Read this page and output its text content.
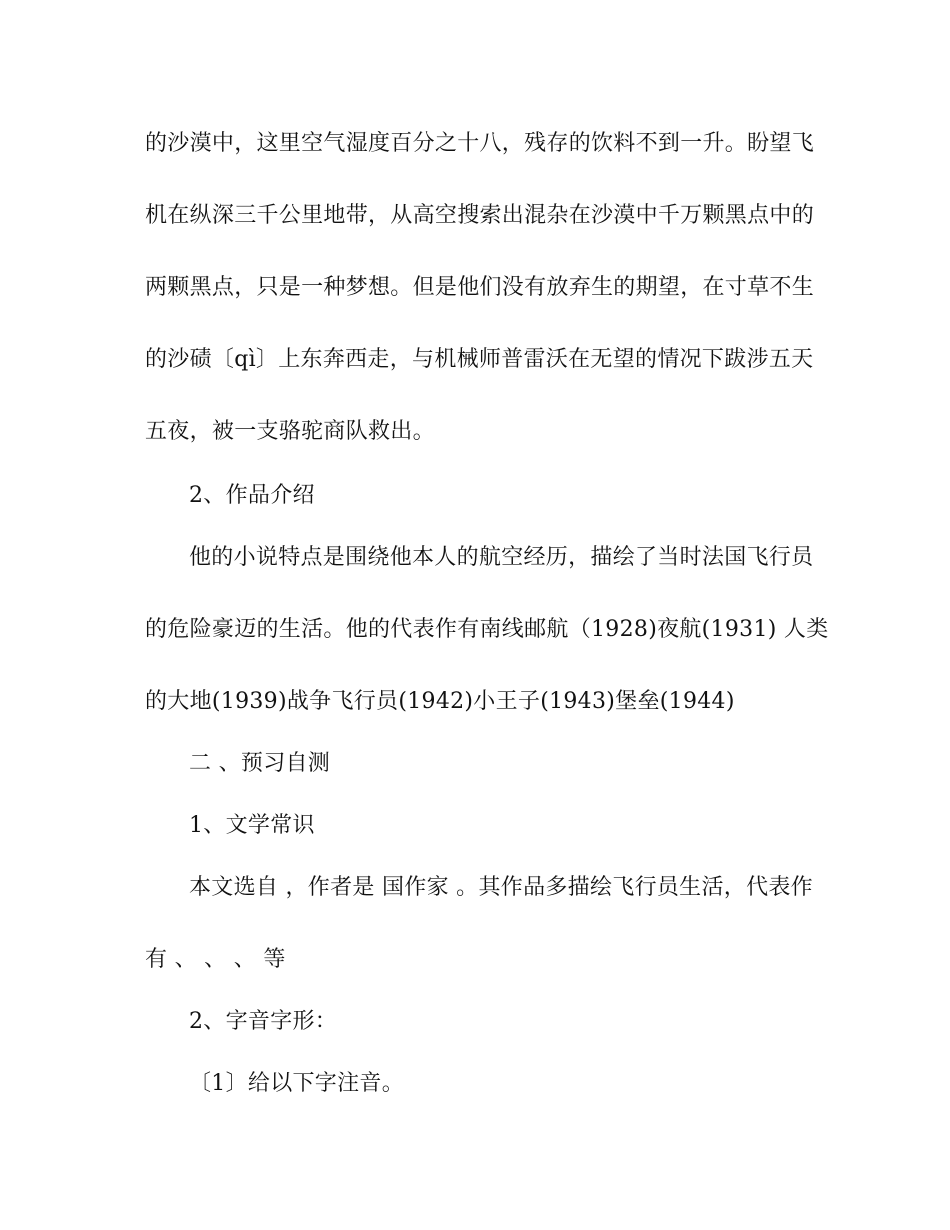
的沙漠中，这里空气湿度百分之十八，残存的饮料不到一升。盼望飞
机在纵深三千公里地带，从高空搜索出混杂在沙漠中千万颗黑点中的
两颗黑点，只是一种梦想。但是他们没有放弃生的期望，在寸草不生
的沙碛〔qì〕上东奔西走，与机械师普雷沃在无望的情况下跋涉五天
五夜，被一支骆驼商队救出。
2、作品介绍
他的小说特点是围绕他本人的航空经历，描绘了当时法国飞行员
的危险豪迈的生活。他的代表作有南线邮航（1928)夜航(1931) 人类
的大地(1939)战争飞行员(1942)小王子(1943)堡垒(1944)
二 、预习自测
1、文学常识
本文选自 ，作者是 国作家 。其作品多描绘飞行员生活，代表作
有 、 、 、 等
2、字音字形：
〔1〕给以下字注音。
